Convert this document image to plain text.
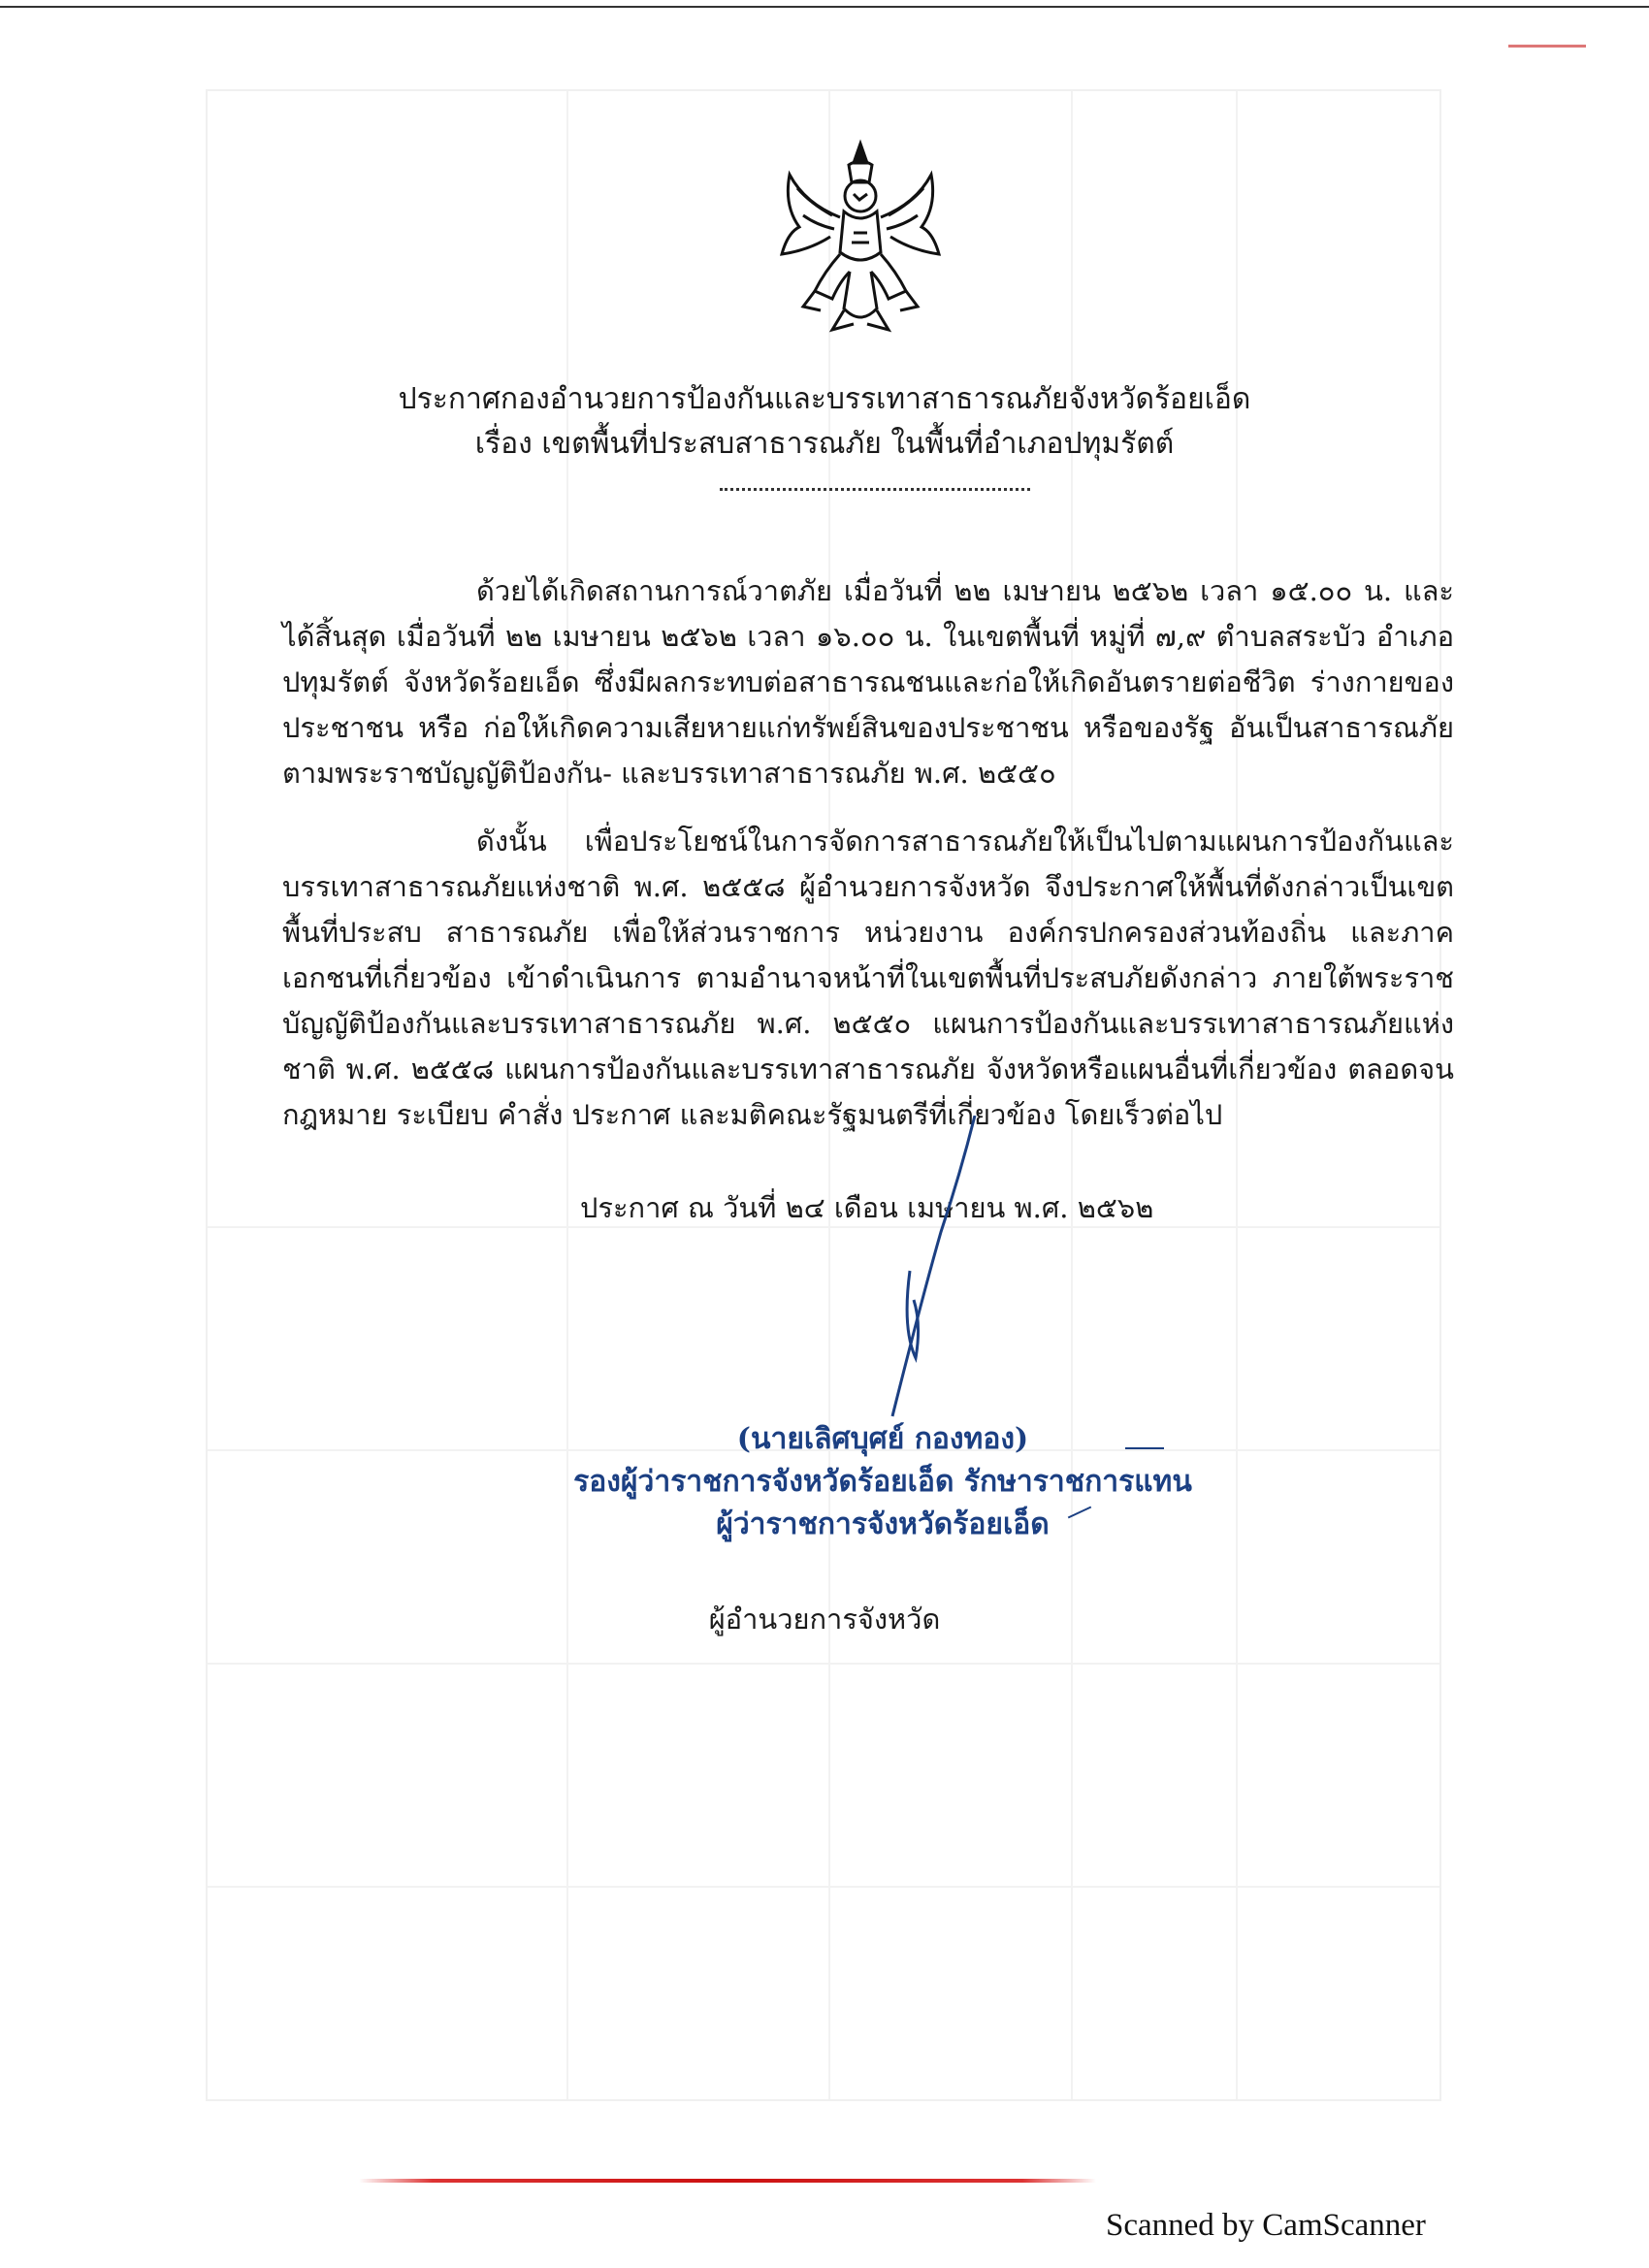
ประกาศกองอำนวยการป้องกันและบรรเทาสาธารณภัยจังหวัดร้อยเอ็ด
เรื่อง เขตพื้นที่ประสบสาธารณภัย ในพื้นที่อำเภอปทุมรัตต์

ด้วยได้เกิดสถานการณ์วาตภัย เมื่อวันที่ ๒๒ เมษายน ๒๕๖๒ เวลา ๑๕.๐๐ น. และได้สิ้นสุด เมื่อวันที่ ๒๒ เมษายน ๒๕๖๒ เวลา ๑๖.๐๐ น. ในเขตพื้นที่ หมู่ที่ ๗,๙ ตำบลสระบัว อำเภอปทุมรัตต์ จังหวัดร้อยเอ็ด ซึ่งมีผลกระทบต่อสาธารณชนและก่อให้เกิดอันตรายต่อชีวิต ร่างกายของประชาชน หรือ ก่อให้เกิดความเสียหายแก่ทรัพย์สินของประชาชน หรือของรัฐ อันเป็นสาธารณภัยตามพระราชบัญญัติป้องกัน- และบรรเทาสาธารณภัย พ.ศ. ๒๕๕๐

ดังนั้น เพื่อประโยชน์ในการจัดการสาธารณภัยให้เป็นไปตามแผนการป้องกันและ บรรเทาสาธารณภัยแห่งชาติ พ.ศ. ๒๕๕๘ ผู้อำนวยการจังหวัด จึงประกาศให้พื้นที่ดังกล่าวเป็นเขตพื้นที่ประสบ สาธารณภัย เพื่อให้ส่วนราชการ หน่วยงาน องค์กรปกครองส่วนท้องถิ่น และภาคเอกชนที่เกี่ยวข้อง เข้าดำเนินการ ตามอำนาจหน้าที่ในเขตพื้นที่ประสบภัยดังกล่าว ภายใต้พระราชบัญญัติป้องกันและบรรเทาสาธารณภัย พ.ศ. ๒๕๕๐ แผนการป้องกันและบรรเทาสาธารณภัยแห่งชาติ พ.ศ. ๒๕๕๘ แผนการป้องกันและบรรเทาสาธารณภัย จังหวัดหรือแผนอื่นที่เกี่ยวข้อง ตลอดจนกฎหมาย ระเบียบ คำสั่ง ประกาศ และมติคณะรัฐมนตรีที่เกี่ยวข้อง โดยเร็วต่อไป

ประกาศ ณ วันที่ ๒๔ เดือน เมษายน พ.ศ. ๒๕๖๒
(นายเลิศบุศย์ กองทอง)
รองผู้ว่าราชการจังหวัดร้อยเอ็ด รักษาราชการแทน
ผู้ว่าราชการจังหวัดร้อยเอ็ด
ผู้อำนวยการจังหวัด
Scanned by CamScanner
